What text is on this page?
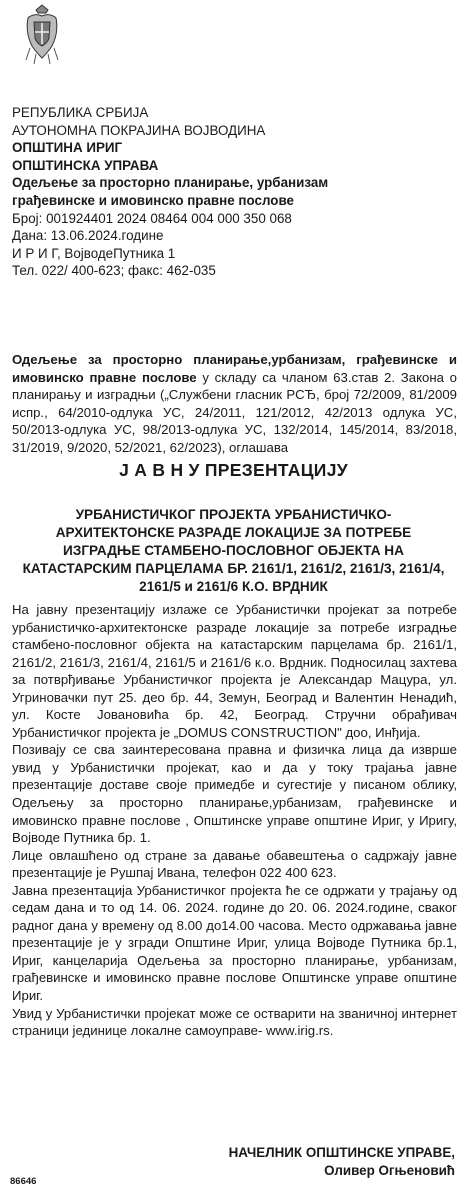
РЕПУБЛИКА СРБИЈА
АУТОНОМНА ПОКРАЈИНА ВОЈВОДИНА
ОПШТИНА ИРИГ
ОПШТИНСКА УПРАВА
Одељење за просторно планирање, урбанизам
грађевинске и имовинско правне послове
Број: 001924401 2024 08464 004 000 350 068
Дана: 13.06.2024.године
И Р И Г, ВојводеПутника 1
Тел. 022/ 400-623; факс: 462-035
Одељење за просторно планирање,урбанизам, грађевинске и имовинско правне послове у складу са чланом 63.став 2. Закона о планирању и изградњи („Службени гласник РСЂ, број 72/2009, 81/2009 испр., 64/2010-одлука УС, 24/2011, 121/2012, 42/2013 одлука УС, 50/2013-одлука УС, 98/2013-одлука УС, 132/2014, 145/2014, 83/2018, 31/2019, 9/2020, 52/2021, 62/2023), оглашава
Ј А В Н У ПРЕЗЕНТАЦИЈУ
УРБАНИСТИЧКОГ ПРОЈЕКТА УРБАНИСТИЧКО-АРХИТЕКТОНСКЕ РАЗРАДЕ ЛОКАЦИЈЕ ЗА ПОТРЕБЕ ИЗГРАДЊЕ СТАМБЕНО-ПОСЛОВНОГ ОБЈЕКТА НА КАТАСТАРСКИМ ПАРЦЕЛАМА БР. 2161/1, 2161/2, 2161/3, 2161/4, 2161/5 и 2161/6 К.О. ВРДНИК

На јавну презентацију излаже се Урбанистички пројекат за потребе урбанистичко-архитектонске разраде локације за потребе изградње стамбено-пословног објекта на катастарским парцелама бр. 2161/1, 2161/2, 2161/3, 2161/4, 2161/5 и 2161/6 к.о. Врдник. Подносилац захтева за потврђивање Урбанистичког пројекта је Александар Мацура, ул. Угриновачки пут 25. део бр. 44, Земун, Београд и Валентин Ненадић, ул. Косте Јовановића бр. 42, Београд. Стручни обрађивач Урбанистичког пројекта је „DOMUS CONSTRUCTION" доо, Инђија.

Позивају се сва заинтересована правна и физичка лица да изврше увид у Урбанистички пројекат, као и да у току трајања јавне презентације доставе своје примедбе и сугестије у писаном облику, Одељењу за просторно планирање,урбанизам, грађевинске и имовинско правне послове , Општинске управе општине Ириг, у Иригу, Војводе Путника бр. 1.

Лице овлашћено од стране за давање обавештења о садржају јавне презентације је Рушпај Ивана, телефон 022 400 623.

Јавна презентација Урбанистичког пројекта ће се одржати у трајању од седам дана и то од 14. 06. 2024. године до 20. 06. 2024.године, сваког радног дана у времену од 8.00 до14.00 часова. Место одржавања јавне презентације је у згради Општине Ириг, улица Војводе Путника бр.1, Ириг, канцеларија Одељења за просторно планирање, урбанизам, грађевинске и имовинско правне послове Општинске управе општине Ириг.

Увид у Урбанистички пројекат може се остварити на званичној интернет страници јединице локалне самоуправе- www.irig.rs.

НАЧЕЛНИК ОПШТИНСКЕ УПРАВЕ,
Оливер Огњеновић
86646
